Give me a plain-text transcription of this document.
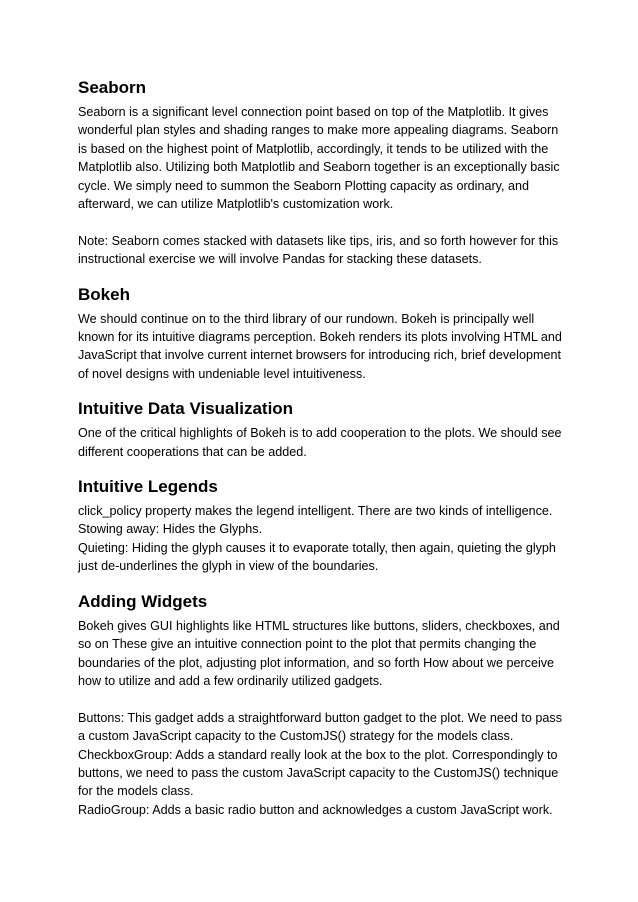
Seaborn

Seaborn is a significant level connection point based on top of the Matplotlib. It gives wonderful plan styles and shading ranges to make more appealing diagrams. Seaborn is based on the highest point of Matplotlib, accordingly, it tends to be utilized with the Matplotlib also. Utilizing both Matplotlib and Seaborn together is an exceptionally basic cycle. We simply need to summon the Seaborn Plotting capacity as ordinary, and afterward, we can utilize Matplotlib's customization work.

Note: Seaborn comes stacked with datasets like tips, iris, and so forth however for this instructional exercise we will involve Pandas for stacking these datasets.

Bokeh

We should continue on to the third library of our rundown. Bokeh is principally well known for its intuitive diagrams perception. Bokeh renders its plots involving HTML and JavaScript that involve current internet browsers for introducing rich, brief development of novel designs with undeniable level intuitiveness.

Intuitive Data Visualization

One of the critical highlights of Bokeh is to add cooperation to the plots. We should see different cooperations that can be added.

Intuitive Legends

click_policy property makes the legend intelligent. There are two kinds of intelligence. Stowing away: Hides the Glyphs.

Quieting: Hiding the glyph causes it to evaporate totally, then again, quieting the glyph just de-underlines the glyph in view of the boundaries.

Adding Widgets

Bokeh gives GUI highlights like HTML structures like buttons, sliders, checkboxes, and so on These give an intuitive connection point to the plot that permits changing the boundaries of the plot, adjusting plot information, and so forth How about we perceive how to utilize and add a few ordinarily utilized gadgets.

Buttons: This gadget adds a straightforward button gadget to the plot. We need to pass a custom JavaScript capacity to the CustomJS() strategy for the models class.

CheckboxGroup: Adds a standard really look at the box to the plot. Correspondingly to buttons, we need to pass the custom JavaScript capacity to the CustomJS() technique for the models class.

RadioGroup: Adds a basic radio button and acknowledges a custom JavaScript work.
